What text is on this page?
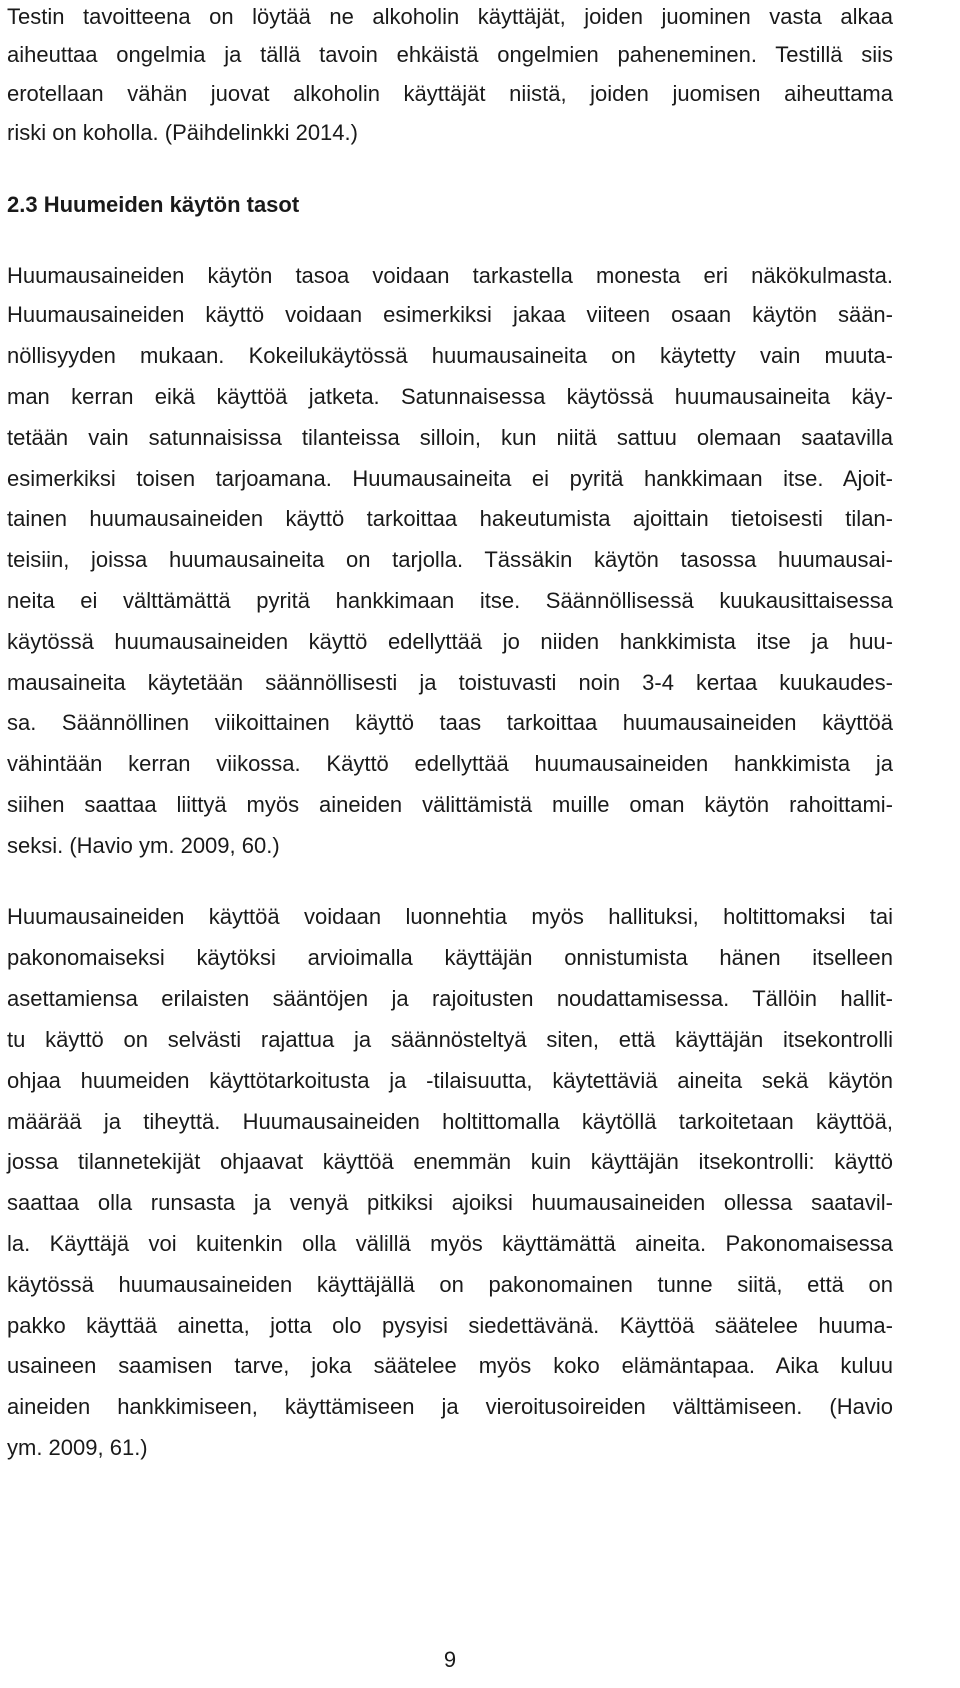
Testin tavoitteena on löytää ne alkoholin käyttäjät, joiden juominen vasta alkaa
aiheuttaa ongelmia ja tällä tavoin ehkäistä ongelmien paheneminen. Testillä siis
erotellaan vähän juovat alkoholin käyttäjät niistä, joiden juomisen aiheuttama
riski on koholla. (Päihdelinkki 2014.)
2.3 Huumeiden käytön tasot
Huumausaineiden käytön tasoa voidaan tarkastella monesta eri näkökulmasta.
Huumausaineiden käyttö voidaan esimerkiksi jakaa viiteen osaan käytön sään-
nöllisyyden mukaan. Kokeilukäytössä huumausaineita on käytetty vain muuta-
man kerran eikä käyttöä jatketa. Satunnaisessa käytössä huumausaineita käy-
tetään vain satunnaisissa tilanteissa silloin, kun niitä sattuu olemaan saatavilla
esimerkiksi toisen tarjoamana. Huumausaineita ei pyritä hankkimaan itse. Ajoit-
tainen huumausaineiden käyttö tarkoittaa hakeutumista ajoittain tietoisesti tilan-
teisiin, joissa huumausaineita on tarjolla. Tässäkin käytön tasossa huumausai-
neita ei välttämättä pyritä hankkimaan itse. Säännöllisessä kuukausittaisessa
käytössä huumausaineiden käyttö edellyttää jo niiden hankkimista itse ja huu-
mausaineita käytetään säännöllisesti ja toistuvasti noin 3-4 kertaa kuukaudes-
sa. Säännöllinen viikoittainen käyttö taas tarkoittaa huumausaineiden käyttöä
vähintään kerran viikossa. Käyttö edellyttää huumausaineiden hankkimista ja
siihen saattaa liittyä myös aineiden välittämistä muille oman käytön rahoittami-
seksi. (Havio ym. 2009, 60.)
Huumausaineiden käyttöä voidaan luonnehtia myös hallituksi, holtittomaksi tai
pakonomaiseksi käytöksi arvioimalla käyttäjän onnistumista hänen itselleen
asettamiensa erilaisten sääntöjen ja rajoitusten noudattamisessa. Tällöin hallit-
tu käyttö on selvästi rajattua ja säännösteltyä siten, että käyttäjän itsekontrolli
ohjaa huumeiden käyttötarkoitusta ja -tilaisuutta, käytettäviä aineita sekä käytön
määrää ja tiheyttä. Huumausaineiden holtittomalla käytöllä tarkoitetaan käyttöä,
jossa tilannetekijät ohjaavat käyttöä enemmän kuin käyttäjän itsekontrolli: käyttö
saattaa olla runsasta ja venyä pitkiksi ajoiksi huumausaineiden ollessa saatavil-
la. Käyttäjä voi kuitenkin olla välillä myös käyttämättä aineita. Pakonomaisessa
käytössä huumausaineiden käyttäjällä on pakonomainen tunne siitä, että on
pakko käyttää ainetta, jotta olo pysyisi siedettävänä. Käyttöä säätelee huuma-
usaineen saamisen tarve, joka säätelee myös koko elämäntapaa. Aika kuluu
aineiden hankkimiseen, käyttämiseen ja vieroitusoireiden välttämiseen. (Havio
ym. 2009, 61.)
9
